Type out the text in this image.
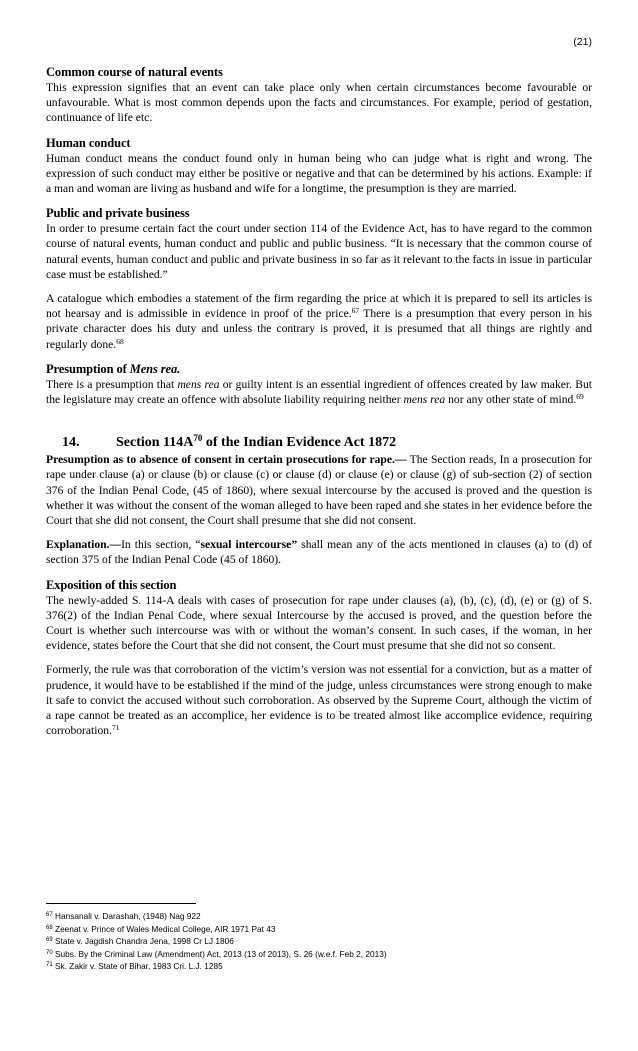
(21)
Common course of natural events

This expression signifies that an event can take place only when certain circumstances become favourable or unfavourable. What is most common depends upon the facts and circumstances. For example, period of gestation, continuance of life etc.

Human conduct

Human conduct means the conduct found only in human being who can judge what is right and wrong. The expression of such conduct may either be positive or negative and that can be determined by his actions. Example: if a man and woman are living as husband and wife for a longtime, the presumption is they are married.

Public and private business

In order to presume certain fact the court under section 114 of the Evidence Act, has to have regard to the common course of natural events, human conduct and public and public business. “It is necessary that the common course of natural events, human conduct and public and private business in so far as it relevant to the facts in issue in particular case must be established.”

A catalogue which embodies a statement of the firm regarding the price at which it is prepared to sell its articles is not hearsay and is admissible in evidence in proof of the price.$^{67}$ There is a presumption that every person in his private character does his duty and unless the contrary is proved, it is presumed that all things are rightly and regularly done.$^{68}$

Presumption of Mens rea.

There is a presumption that mens rea or guilty intent is an essential ingredient of offences created by law maker. But the legislature may create an offence with absolute liability requiring neither mens rea nor any other state of mind.$^{69}$

14.	Section $114A^{70}$ of the Indian Evidence Act 1872

Presumption as to absence of consent in certain prosecutions for rape.— The Section reads, In a prosecution for rape under clause (a) or clause (b) or clause (c) or clause (d) or clause (e) or clause (g) of sub-section (2) of section 376 of the Indian Penal Code, (45 of 1860), where sexual intercourse by the accused is proved and the question is whether it was without the consent of the woman alleged to have been raped and she states in her evidence before the Court that she did not consent, the Court shall presume that she did not consent.

Explanation.—In this section, “sexual intercourse” shall mean any of the acts mentioned in clauses (a) to (d) of section 375 of the Indian Penal Code (45 of 1860).

Exposition of this section

The newly-added S. 114-A deals with cases of prosecution for rape under clauses (a), (b), (c), (d), (e) or (g) of S. 376(2) of the Indian Penal Code, where sexual Intercourse by the accused is proved, and the question before the Court is whether such intercourse was with or without the woman’s consent. In such cases, if the woman, in her evidence, states before the Court that she did not consent, the Court must presume that she did not so consent.

Formerly, the rule was that corroboration of the victim’s version was not essential for a conviction, but as a matter of prudence, it would have to be established if the mind of the judge, unless circumstances were strong enough to make it safe to convict the accused without such corroboration. As observed by the Supreme Court, although the victim of a rape cannot be treated as an accomplice, her evidence is to be treated almost like accomplice evidence, requiring corroboration.$^{71}$

$^{67}$ Hansanali v. Darashah, (1948) Nag 922
$^{68}$ Zeenat v. Prince of Wales Medical College, AIR 1971 Pat 43
$^{69}$ State v. Jagdish Chandra Jena, 1998 Cr LJ 1806
$^{70}$ Subs. By the Criminal Law (Amendment) Act, 2013 (13 of 2013), S. 26 (w.e.f. Feb 2, 2013)
$^{71}$ Sk. Zakir v. State of Bihar, 1983 Cri. L.J. 1285
